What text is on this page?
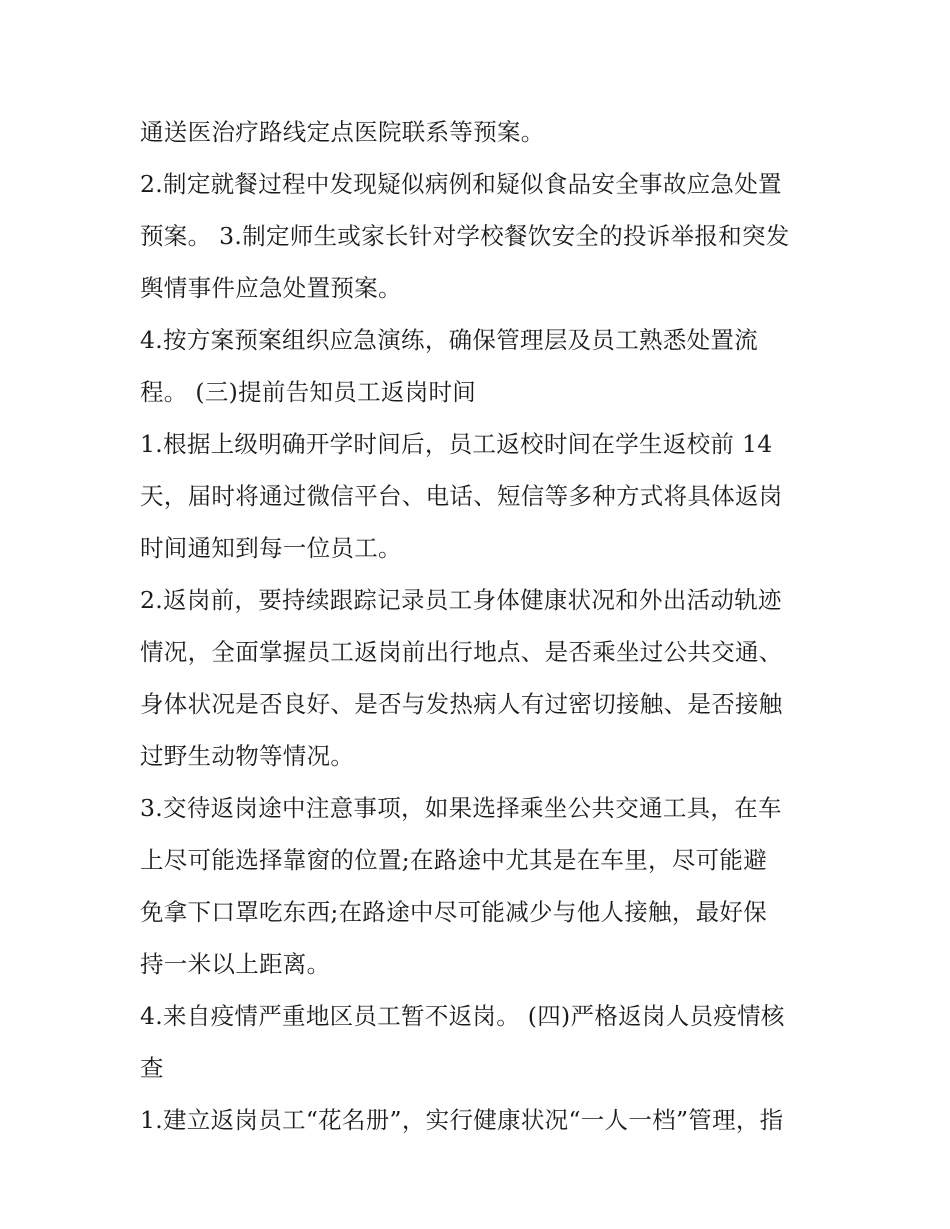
通送医治疗路线定点医院联系等预案。
2.制定就餐过程中发现疑似病例和疑似食品安全事故应急处置
预案。 3.制定师生或家长针对学校餐饮安全的投诉举报和突发
舆情事件应急处置预案。
4.按方案预案组织应急演练，确保管理层及员工熟悉处置流
程。 (三)提前告知员工返岗时间
1.根据上级明确开学时间后，员工返校时间在学生返校前 14
天，届时将通过微信平台、电话、短信等多种方式将具体返岗
时间通知到每一位员工。
2.返岗前，要持续跟踪记录员工身体健康状况和外出活动轨迹
情况，全面掌握员工返岗前出行地点、是否乘坐过公共交通、
身体状况是否良好、是否与发热病人有过密切接触、是否接触
过野生动物等情况。
3.交待返岗途中注意事项，如果选择乘坐公共交通工具，在车
上尽可能选择靠窗的位置;在路途中尤其是在车里，尽可能避
免拿下口罩吃东西;在路途中尽可能减少与他人接触，最好保
持一米以上距离。
4.来自疫情严重地区员工暂不返岗。 (四)严格返岗人员疫情核
查
1.建立返岗员工“花名册”，实行健康状况“一人一档”管理，指
